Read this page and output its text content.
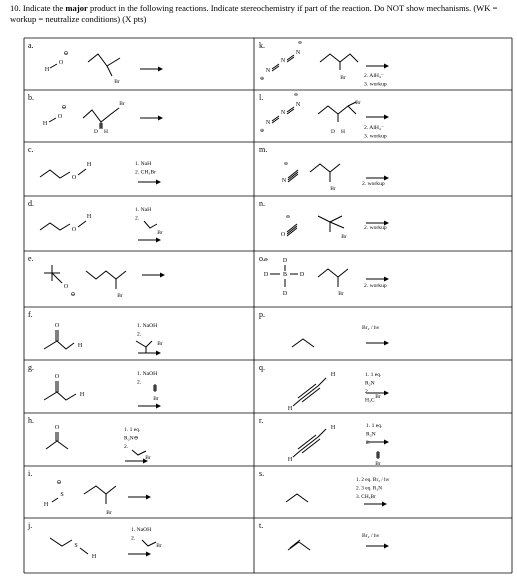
10. Indicate the major product in the following reactions. Indicate stereochemistry if part of the reaction. Do NOT show mechanisms. (WK = workup = neutralize conditions) (X pts)
a.
b.
c.
d.
e.
f.
g.
h.
i.
j.
k.
l.
m.
n.
o.
p.
q.
r.
s.
t.
H
O
⊖
Br
H
O
⊖
Br
D H
O
H	1. NaH
2. CH₃Br
O
H
1. NaH
2.
Br
O
⊖	Br
O
H
1. NaOH
2.
Br
O
H
1. NaOH
2.
Br
O	1. 1 eq.
R₂N⊖
2.
Br
⊖
S
H
Br
S
H
1. NaOH
2.
Br
⊕
N
N
N
⊖
Br	2. AlH₄⁻
3. workup
⊕
N
N
N
⊖
Br
D H
2. AlH₄⁻
3. workup
⊖
N
Br
2. workup
⊖
O	Br
2. workup
⊖ D
D B D
D	Br
2. workup
Br₂ / hν
H
H	1. 1 eq.
R₂N
2.
H₃C
Br
H
H	1. 1 eq.
R₂N
2.
Br
1. 2 eq. Br₂ / hν
2. 3 eq. R₂N
3. CH₃Br
Br₂ / hν
